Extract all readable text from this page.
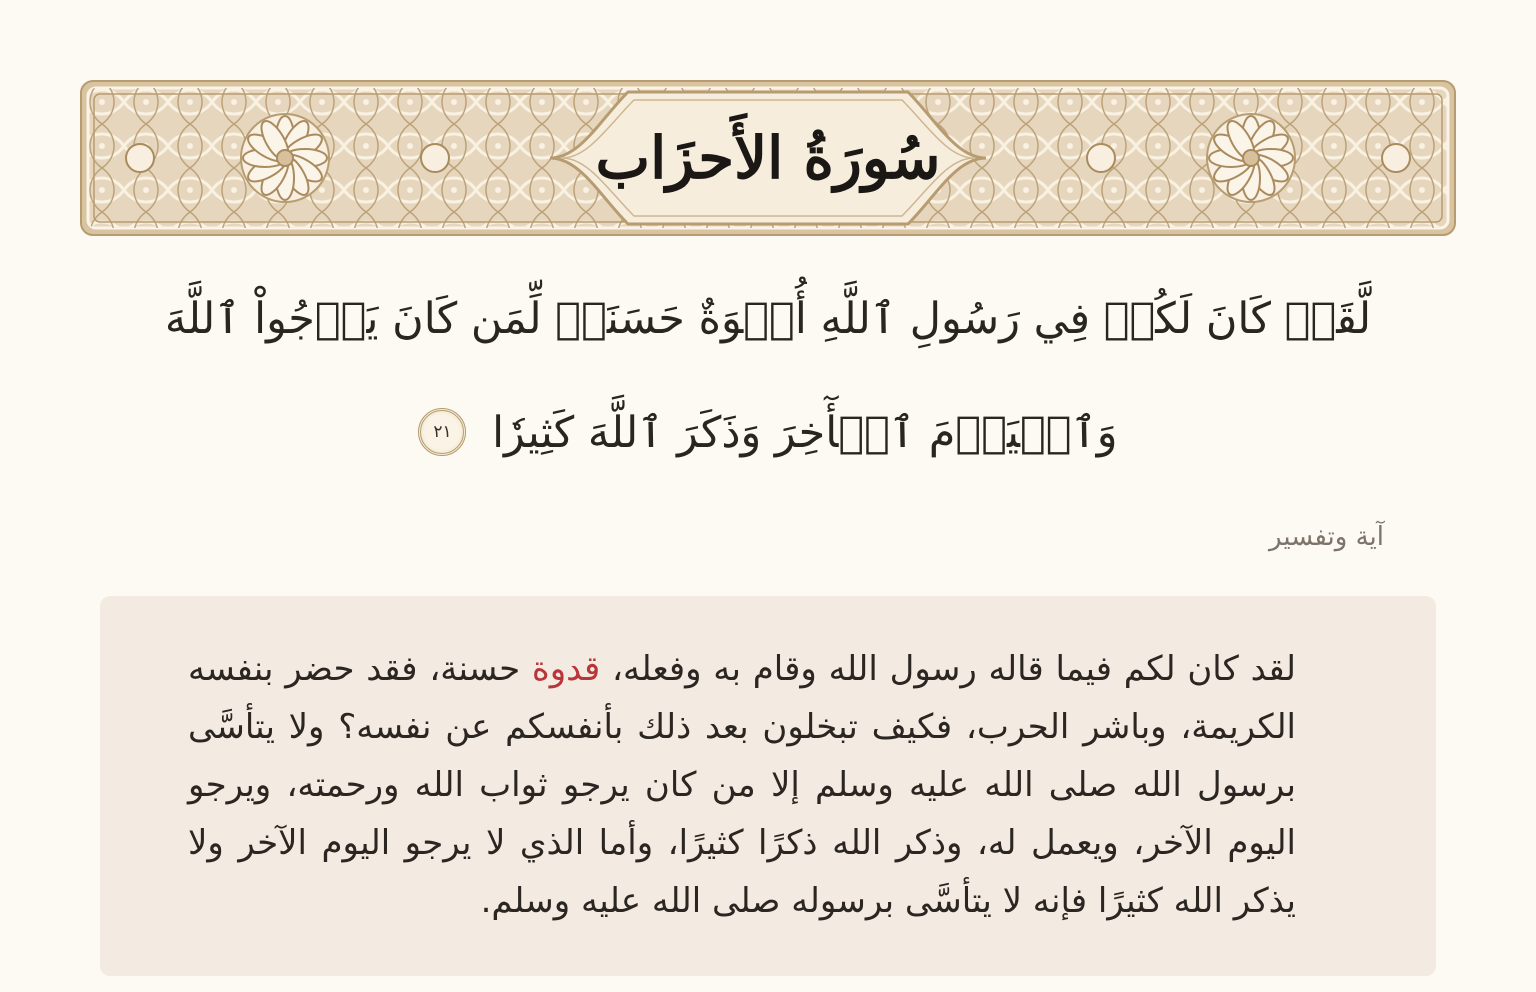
سُورَةُ الأَحزَاب
لَّقَدۡ كَانَ لَكُمۡ فِي رَسُولِ ٱللَّهِ أُسۡوَةٌ حَسَنَةٞ لِّمَن كَانَ يَرۡجُواْ ٱللَّهَ وَٱلۡيَوۡمَ ٱلۡأٓخِرَ وَذَكَرَ ٱللَّهَ كَثِيرٗا ٢١
آية وتفسير

لقد كان لكم فيما قاله رسول الله وقام به وفعله، قدوة حسنة، فقد حضر بنفسه الكريمة، وباشر الحرب، فكيف تبخلون بعد ذلك بأنفسكم عن نفسه؟ ولا يتأسَّى برسول الله صلى الله عليه وسلم إلا من كان يرجو ثواب الله ورحمته، ويرجو اليوم الآخر، ويعمل له، وذكر الله ذكرًا كثيرًا، وأما الذي لا يرجو اليوم الآخر ولا يذكر الله كثيرًا فإنه لا يتأسَّى برسوله صلى الله عليه وسلم.
